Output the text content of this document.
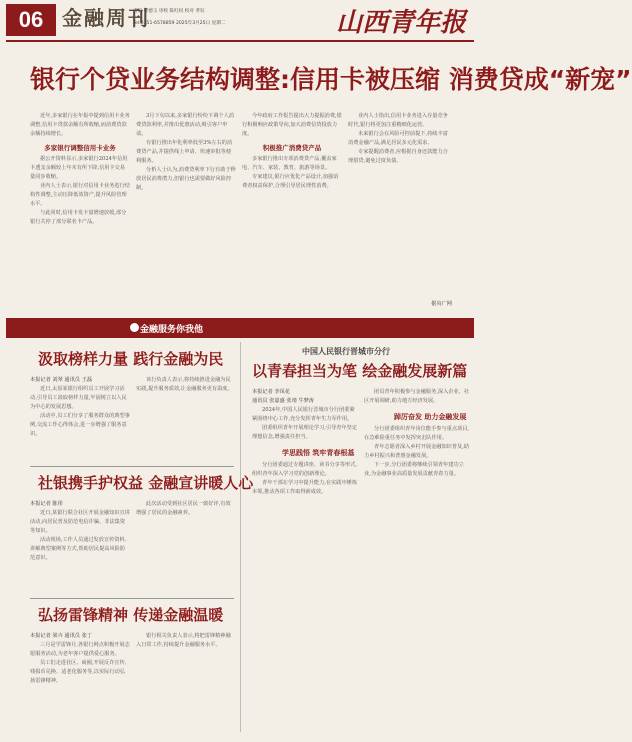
06 金融周刊
责编 曹德玉 审校 陈红权 校对 孝钰
Tel:0351-6578859 2025年3月25日 星期二	山西青年报
银行个贷业务结构调整:信用卡被压缩 消费贷成“新宠”
近年,多家银行在年报中提到信用卡业务调整,信用卡贷款余额有所收缩,而消费贷款余额持续增长。
多家银行调整信用卡业务
据公开资料显示,多家银行2024年信用卡透支余额较上年末有所下降,信用卡交易量同步收缩。
业内人士表示,银行对信用卡业务进行结构性调整,主动压降低效资产,提升风险管理水平。
与此同时,信用卡发卡量增速放缓,部分银行关停了部分联名卡产品。
3月下旬以来,多家银行纷纷下调个人消费贷款利率,并推出优惠活动,吸引客户申请。
有银行推出年化利率低至3%左右的消费贷产品,并提供线上申请、快速审批等便利服务。
分析人士认为,消费贷利率下行有助于释放居民消费潜力,但银行也需要做好风险控制。
今年政府工作报告提出大力提振消费,银行积极响应政策导向,加大消费信贷投放力度。
积极推广消费贷产品
多家银行推出专项消费贷产品,覆盖家电、汽车、家装、教育、旅游等场景。
专家建议,银行应优化产品设计,加强消费者权益保护,合理引导居民理性消费。
业内人士指出,信用卡业务进入存量竞争时代,银行将更加注重精细化运营。
未来银行会在风险可控前提下,持续丰富消费金融产品,满足居民多元化需求。
专家提醒消费者,应根据自身还款能力合理借贷,避免过度负债。
据央广网
金融服务你我他
汲取榜样力量 践行金融为民
本报记者 刘翠 通讯员 王磊
近日,太原某银行组织员工开展学习活动,引导员工汲取榜样力量,牢固树立以人民为中心的发展思想。
活动中,员工们分享了服务群众的典型事例,交流工作心得体会,进一步增强了服务意识。
该行负责人表示,将持续推进金融为民实践,提升服务质效,让金融服务更有温度。
社银携手护权益 金融宣讲暖人心
本报记者 陈彤
近日,某银行联合社区开展金融知识宣讲活动,向居民普及防范电信诈骗、非法集资等知识。
活动现场,工作人员通过发放宣传资料、讲解典型案例等方式,帮助居民提高风险防范意识。
此次活动受到社区居民一致好评,有效增强了居民的金融素养。
弘扬雷锋精神 传递金融温暖
本报记者 梁卉 通讯员 张丁
三月是学雷锋月,各银行网点积极开展志愿服务活动,为老年客户提供爱心服务。
员工们走进社区、商圈,开展反诈宣传、残损币兑换、适老化服务等,以实际行动弘扬雷锋精神。
银行相关负责人表示,将把雷锋精神融入日常工作,持续提升金融服务水平。
中国人民银行晋城市分行
以青春担当为笔 绘金融发展新篇
本报记者 李凤花
通讯员 张嘉盛 张靖 牛梦涛
2024年,中国人民银行晋城市分行团委紧紧围绕中心工作,充分发挥青年生力军作用。
团委组织青年开展理论学习,引导青年坚定理想信念,增强责任担当。
学思践悟 筑牢青春根基
分行团委通过专题讲座、读书分享等形式,组织青年深入学习党的创新理论。
青年干部在学习中提升能力,在实践中锤炼本领,推动各项工作取得新成效。
团员青年积极参与金融服务,深入企业、社区开展调研,助力地方经济发展。
踔厉奋发 助力金融发展
分行团委组织青年岗位能手参与重点项目,在急难险重任务中发挥突击队作用。
青年志愿者深入乡村开展金融知识普及,助力乡村振兴和普惠金融发展。
下一步,分行团委将继续引领青年建功立业,为金融事业高质量发展贡献青春力量。
